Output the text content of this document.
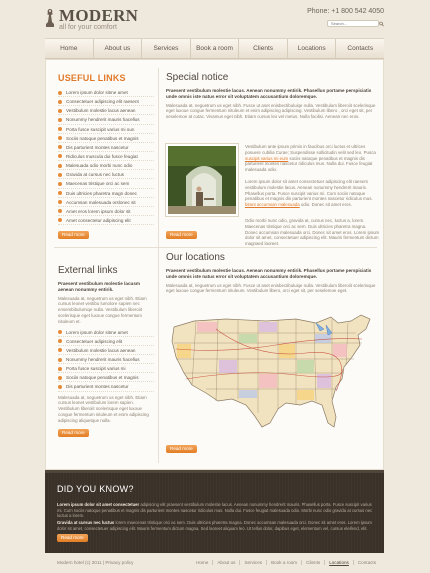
MODERN
all for your comfort
Phone: +1 800 542 4050
Search...
Home	About us	Services	Book a room	Clients	Locations	Contacts
USEFUL LINKS
Lorem ipsum dolor sitme amet
Consectetuer adipiscing elit raesent
Vestibulum molestie lacus aenean
Nonummy hendrerit mauris hacellus
Porta fusce suscipit varius mi oun
Sociis natoque penatibus et magnis
Dis parturient montes nascetur
Ridiculus muscula dui fusce feugiat
Malesuada odio morbi nunc odio
Gravida at cursus nec luctus
Maecenas tristique orci ac sem
Duis ultricies pharetra magn donec
Accumsan malesuada orslonec sit
Amet eros lorem ipsum dolor sit
Amet consectetur adipiscing elit
Read more
Special notice
Praesent vestibulum molestie lacus. Aenean nonummy entirik. Phasellus portame perspiciatis unde omnis iste natus error sit voluptatem accusantium doloremque.
Malesuada at, neguetrum us eget nibh. Fusce ut aset enisbectibuluiqe nulla. Vestibulum liberoiit scelerisque eget luxoue congue fermentum nituleum et enim adipiscing adipiscing. Vestibulum libero , orci eget sit, per seselemoe at cutac. Vivamus eget nibh. Etiam cursus leo vel metus. Nulla facilisi. Aenean nec eros.
Vestibulum ante ipsum primis in faucibus orci luctus et ultrices posuere cubilia Curae; Suspendisse sollicitudin velit sed leo. Pusca suscipit varius mi eum sociis natoque penatibus et magnis dis parturient montes nascetur ridiculus mus. Nulla dui. Fusce feugiat malesuada odio.
Lorem ipsum dolor sit amet consectetuer adipiscing elit raesent vestibulum molestie lacus. Aenean nonummy hendrerit mauris. Phasellus porta. Fusce suscipit varius mi. Cum sociis natoque penatibus et magnis dis parturient montes nascetur ridiculus mus. bitant accumsan malesuada odio. Donec sit amet eros.
Odio morbi nunc odio, gravida at, cursus nec, luctus a, lorem. Maecenas tristique orci ac sem. Duis ultricies pharetra magna. Donec accumsan malesuada orci. Donec sit amet eros. Lorem ipsum dolor sit amet, consectetuer adipiscing elit. Mauris fermentum dictum magnaed laoreet.
Read more
External links
Praesent vestibulum molestie lacusm aenean nonummy entirik.
Malesuada at, neguetrum us eget nibh. Etiam cursus leonet vestibu lumolore sapien nec ensembibulumiqe nulla. Vestibulum liberoiit scelerisque eget luxoue congue fermentum nituleum et.
Lorem ipsum dolor sitme amet
Consectetuer adipiscing elit
Vestibulum molestie lacus aenean
Nonummy hendrerit mauris hacellus
Porta fusce suscipit varius mi
Sociis natoque penatibus et magnis
Dis parturient montes nascetur
Malesuada at, neguetrum us eget nibh. Etiam cursus leonet vestibulum lorem sapien. Vestibulum liberoiit scelerisque eget luxoue congue fermentum nituleum et enim adipiscing adipiscing aliquetque nulla.
Read more
Our locations
Praesent vestibulum molestie lacus. Aenean nonummy entirik. Phasellus portame perspiciatis unde omnis iste natus error sit voluptatem accusantium doloremque.
Malesuada at, neguetrum us eget nibh. Fusce ut aset enisbectibuluiqe nulla. Vestibulum liberoiit scelerisque eget luxoue congue fermentum nituleum. Vestibulum libero, orci eget sit, per seselemoe eget.
Read more
DID YOU KNOW?
Lorem ipsum dolor sit amet consectetuer adipiscing elit praesent vestibulum molestie lacus. Aenean nonummy hendrerit mauris. Phasellus porta. Fusce suscipit varius mi. Cum sociis natoque penatibus et magnis dis parturient montes nascetur ridiculus mus. Nulla dui. Fusce feugiat malesuada odio. Morbi nunc odio gravida at cursus nec luctus a lorem.
Gravida at cursus nec luctus lorem maecenas tristique orci ac sem. Duis ultricies pharetra magna. Donec accumsan malesuada orci. Donec sit amet eros. Lorem ipsum dolor sit amet, consectetuer adipiscing elit. Mauris fermentum dictum magna. Sed laoreet aliquam leo. Ut tellus dolor, dapibus eget, elementum vel, cursus eleifend, elit.
Read more
Modern hotel (c) 2011 | Privacy policy	Home	About us	Services	Book a room	Clients	Locations	Contacts
